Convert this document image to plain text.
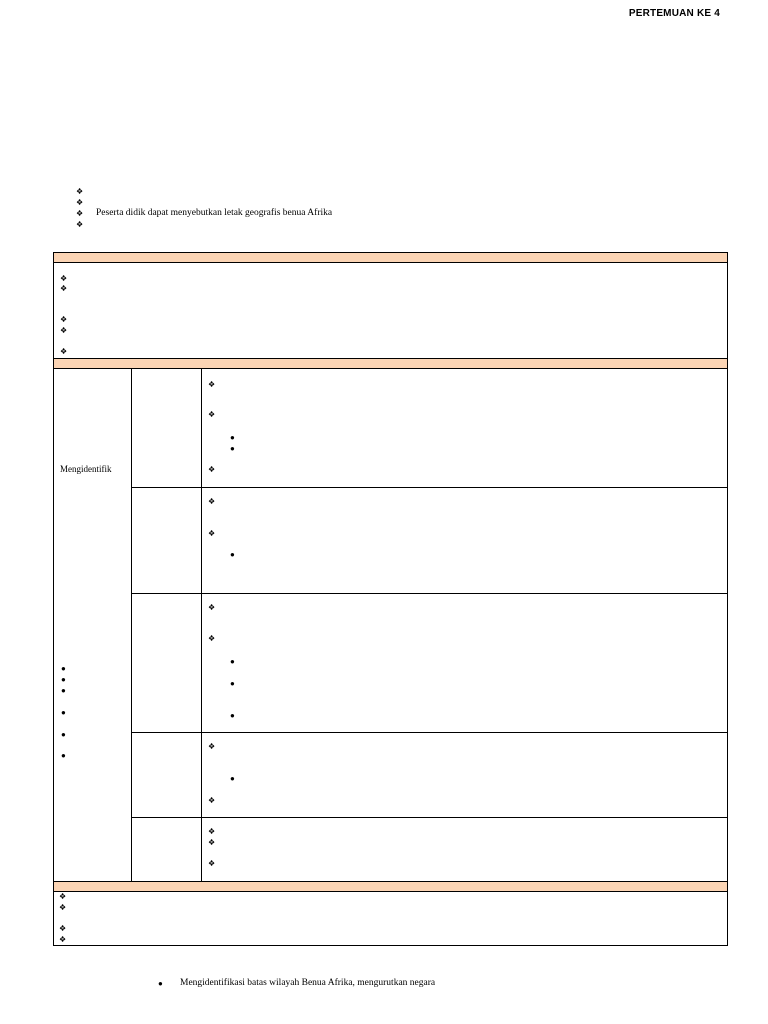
PERTEMUAN KE 4
❖
❖
❖	Peserta didik dapat menyebutkan letak geografis benua Afrika
❖
❖
❖
❖
❖
❖
Mengidentifik
●
●
●
●
●
●
❖
❖
●
●
❖
❖
❖
●
❖
❖
●
●
●
❖
●
❖
❖
❖
❖
❖
❖
❖
❖
●	Mengidentifikasi batas wilayah Benua Afrika, mengurutkan negara
